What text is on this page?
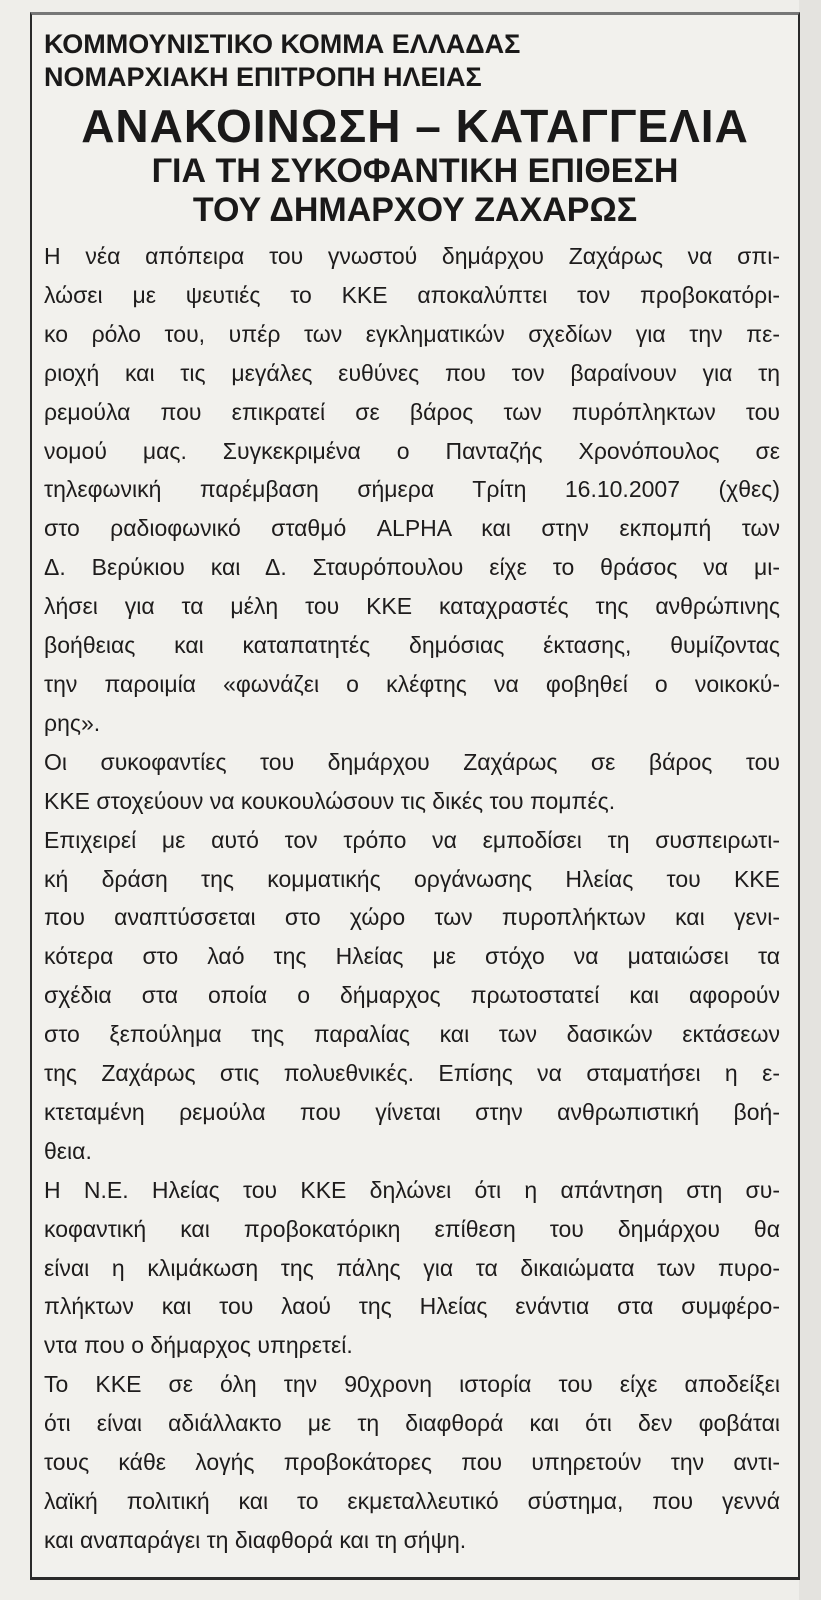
ΚΟΜΜΟΥΝΙΣΤΙΚΟ ΚΟΜΜΑ ΕΛΛΑΔΑΣ
ΝΟΜΑΡΧΙΑΚΗ ΕΠΙΤΡΟΠΗ ΗΛΕΙΑΣ
ΑΝΑΚΟΙΝΩΣΗ – ΚΑΤΑΓΓΕΛΙΑ
ΓΙΑ ΤΗ ΣΥΚΟΦΑΝΤΙΚΗ ΕΠΙΘΕΣΗ
ΤΟΥ ΔΗΜΑΡΧΟΥ ΖΑΧΑΡΩΣ
Η νέα απόπειρα του γνωστού δημάρχου Ζαχάρως να σπι-
λώσει με ψευτιές το ΚΚΕ αποκαλύπτει τον προβοκατόρι-
κο ρόλο του, υπέρ των εγκληματικών σχεδίων για την πε-
ριοχή και τις μεγάλες ευθύνες που τον βαραίνουν για τη
ρεμούλα που επικρατεί σε βάρος των πυρόπληκτων του
νομού μας. Συγκεκριμένα ο Πανταζής Χρονόπουλος σε
τηλεφωνική παρέμβαση σήμερα Τρίτη 16.10.2007 (χθες)
στο ραδιοφωνικό σταθμό ALPHA και στην εκπομπή των
Δ. Βερύκιου και Δ. Σταυρόπουλου είχε το θράσος να μι-
λήσει για τα μέλη του ΚΚΕ καταχραστές της ανθρώπινης
βοήθειας και καταπατητές δημόσιας έκτασης, θυμίζοντας
την παροιμία «φωνάζει ο κλέφτης να φοβηθεί ο νοικοκύ-
ρης».
Οι συκοφαντίες του δημάρχου Ζαχάρως σε βάρος του
ΚΚΕ στοχεύουν να κουκουλώσουν τις δικές του πομπές.
Επιχειρεί με αυτό τον τρόπο να εμποδίσει τη συσπειρωτι-
κή δράση της κομματικής οργάνωσης Ηλείας του ΚΚΕ
που αναπτύσσεται στο χώρο των πυροπλήκτων και γενι-
κότερα στο λαό της Ηλείας με στόχο να ματαιώσει τα
σχέδια στα οποία ο δήμαρχος πρωτοστατεί και αφορούν
στο ξεπούλημα της παραλίας και των δασικών εκτάσεων
της Ζαχάρως στις πολυεθνικές. Επίσης να σταματήσει η ε-
κτεταμένη ρεμούλα που γίνεται στην ανθρωπιστική βοή-
θεια.
Η Ν.Ε. Ηλείας του ΚΚΕ δηλώνει ότι η απάντηση στη συ-
κοφαντική και προβοκατόρικη επίθεση του δημάρχου θα
είναι η κλιμάκωση της πάλης για τα δικαιώματα των πυρο-
πλήκτων και του λαού της Ηλείας ενάντια στα συμφέρο-
ντα που ο δήμαρχος υπηρετεί.
Το ΚΚΕ σε όλη την 90χρονη ιστορία του είχε αποδείξει
ότι είναι αδιάλλακτο με τη διαφθορά και ότι δεν φοβάται
τους κάθε λογής προβοκάτορες που υπηρετούν την αντι-
λαϊκή πολιτική και το εκμεταλλευτικό σύστημα, που γεννά
και αναπαράγει τη διαφθορά και τη σήψη.
